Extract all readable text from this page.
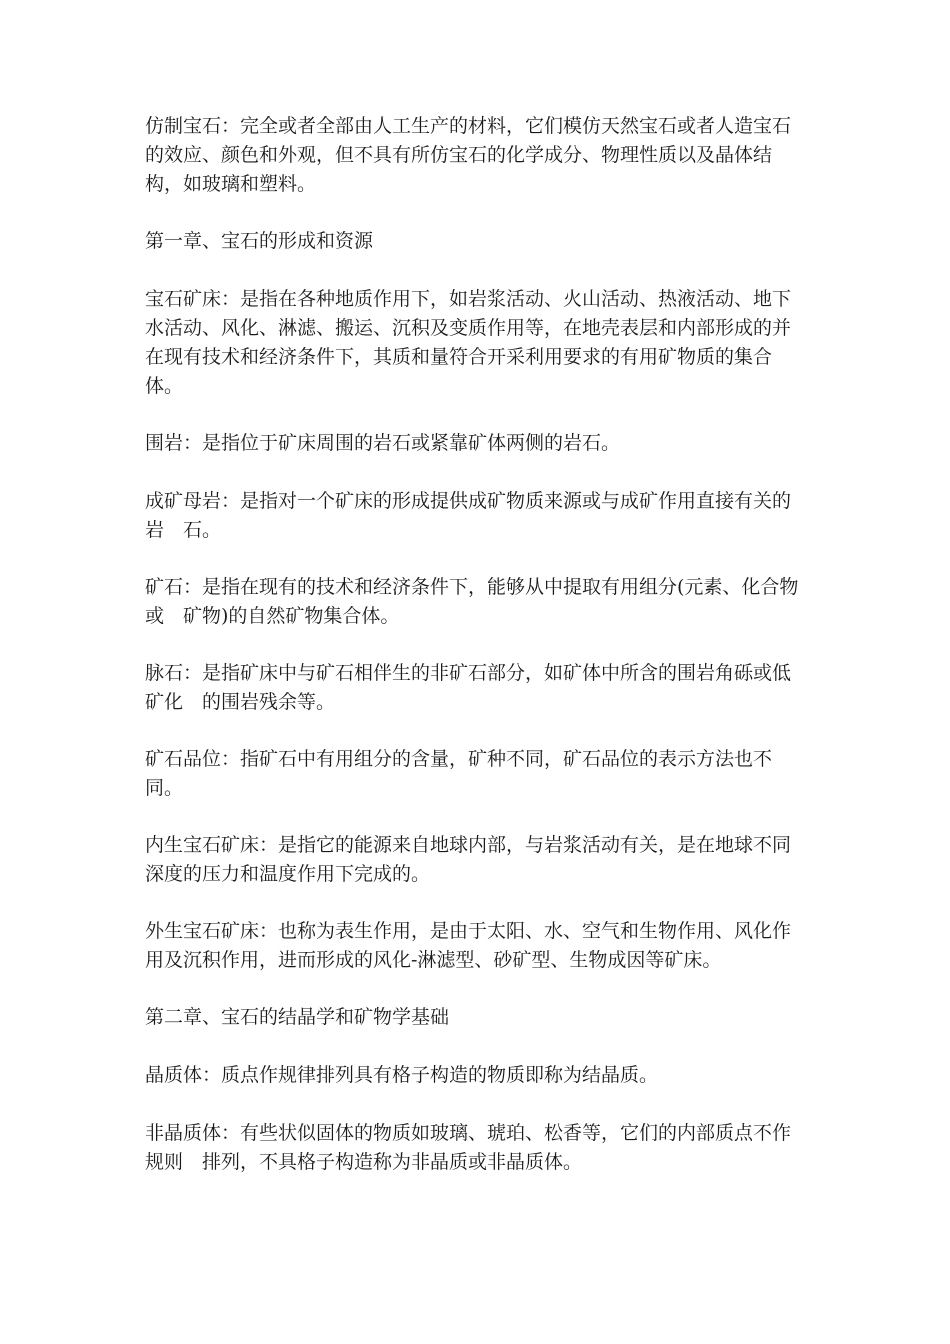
仿制宝石：完全或者全部由人工生产的材料，它们模仿天然宝石或者人造宝石
的效应、颜色和外观，但不具有所仿宝石的化学成分、物理性质以及晶体结
构，如玻璃和塑料。
第一章、宝石的形成和资源
宝石矿床：是指在各种地质作用下，如岩浆活动、火山活动、热液活动、地下
水活动、风化、淋滤、搬运、沉积及变质作用等，在地壳表层和内部形成的并
在现有技术和经济条件下，其质和量符合开采利用要求的有用矿物质的集合
体。
围岩：是指位于矿床周围的岩石或紧靠矿体两侧的岩石。
成矿母岩：是指对一个矿床的形成提供成矿物质来源或与成矿作用直接有关的
岩　石。
矿石：是指在现有的技术和经济条件下，能够从中提取有用组分(元素、化合物
或　矿物)的自然矿物集合体。
脉石：是指矿床中与矿石相伴生的非矿石部分，如矿体中所含的围岩角砾或低
矿化　的围岩残余等。
矿石品位：指矿石中有用组分的含量，矿种不同，矿石品位的表示方法也不
同。
内生宝石矿床：是指它的能源来自地球内部，与岩浆活动有关，是在地球不同
深度的压力和温度作用下完成的。
外生宝石矿床：也称为表生作用，是由于太阳、水、空气和生物作用、风化作
用及沉积作用，进而形成的风化-淋滤型、砂矿型、生物成因等矿床。
第二章、宝石的结晶学和矿物学基础
晶质体：质点作规律排列具有格子构造的物质即称为结晶质。
非晶质体：有些状似固体的物质如玻璃、琥珀、松香等，它们的内部质点不作
规则　排列，不具格子构造称为非晶质或非晶质体。
